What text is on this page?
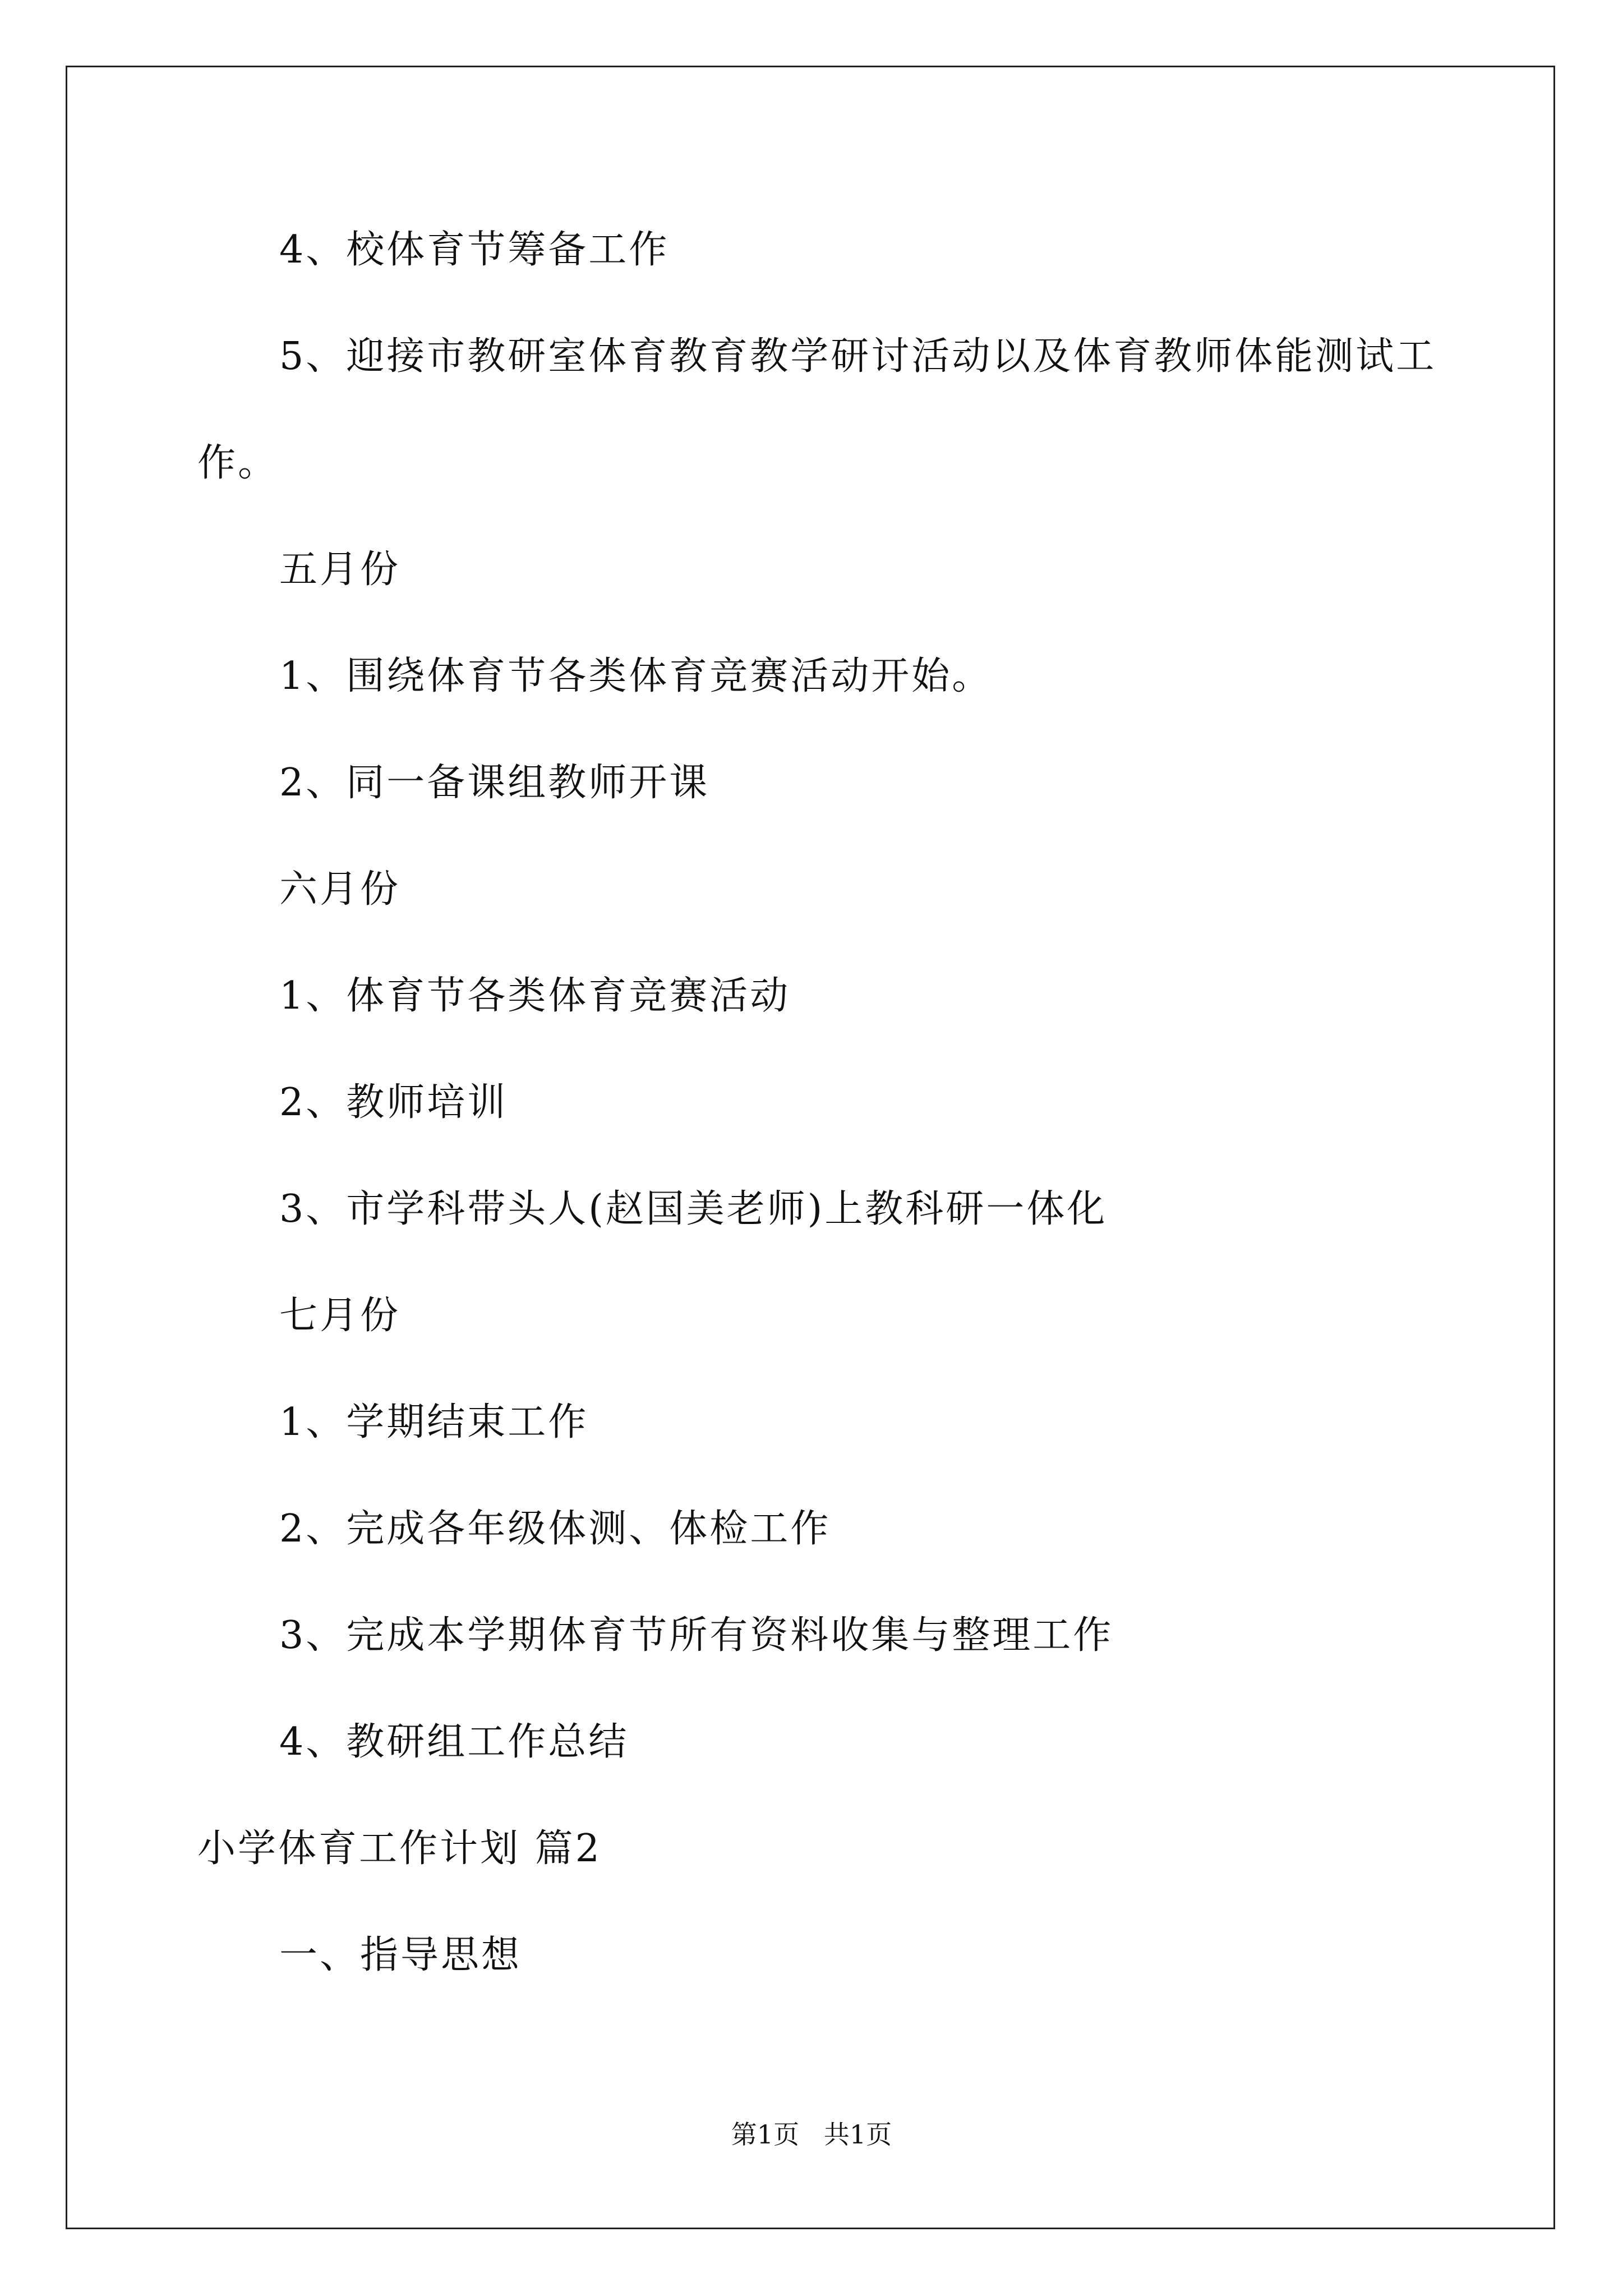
4、校体育节筹备工作
5、迎接市教研室体育教育教学研讨活动以及体育教师体能测试工
作。
五月份
1、围绕体育节各类体育竞赛活动开始。
2、同一备课组教师开课
六月份
1、体育节各类体育竞赛活动
2、教师培训
3、市学科带头人(赵国美老师)上教科研一体化
七月份
1、学期结束工作
2、完成各年级体测、体检工作
3、完成本学期体育节所有资料收集与整理工作
4、教研组工作总结
小学体育工作计划 篇2
一、指导思想
第1页   共1页
